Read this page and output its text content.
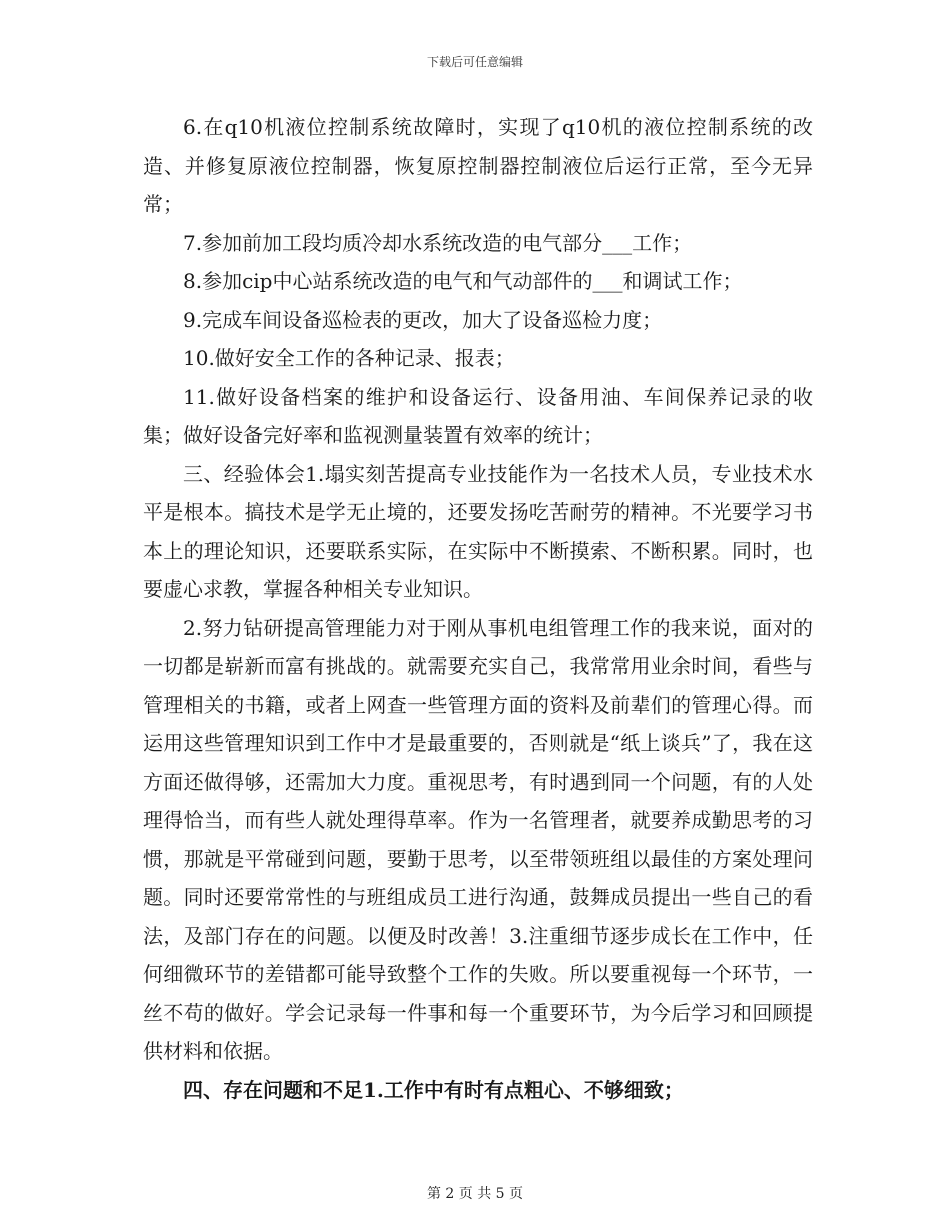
下载后可任意编辑

6.在q10机液位控制系统故障时，实现了q10机的液位控制系统的改造、并修复原液位控制器，恢复原控制器控制液位后运行正常，至今无异常；

7.参加前加工段均质冷却水系统改造的电气部分___工作；

8.参加cip中心站系统改造的电气和气动部件的___和调试工作；

9.完成车间设备巡检表的更改，加大了设备巡检力度；

10.做好安全工作的各种记录、报表；

11.做好设备档案的维护和设备运行、设备用油、车间保养记录的收集；做好设备完好率和监视测量装置有效率的统计；

三、经验体会1.塌实刻苦提高专业技能作为一名技术人员，专业技术水平是根本。搞技术是学无止境的，还要发扬吃苦耐劳的精神。不光要学习书本上的理论知识，还要联系实际，在实际中不断摸索、不断积累。同时，也要虚心求教，掌握各种相关专业知识。

2.努力钻研提高管理能力对于刚从事机电组管理工作的我来说，面对的一切都是崭新而富有挑战的。就需要充实自己，我常常用业余时间，看些与管理相关的书籍，或者上网查一些管理方面的资料及前辈们的管理心得。而运用这些管理知识到工作中才是最重要的，否则就是“纸上谈兵”了，我在这方面还做得够，还需加大力度。重视思考，有时遇到同一个问题，有的人处理得恰当，而有些人就处理得草率。作为一名管理者，就要养成勤思考的习惯，那就是平常碰到问题，要勤于思考，以至带领班组以最佳的方案处理问题。同时还要常常性的与班组成员工进行沟通，鼓舞成员提出一些自己的看法，及部门存在的问题。以便及时改善！3.注重细节逐步成长在工作中，任何细微环节的差错都可能导致整个工作的失败。所以要重视每一个环节，一丝不苟的做好。学会记录每一件事和每一个重要环节，为今后学习和回顾提供材料和依据。

四、存在问题和不足1.工作中有时有点粗心、不够细致；

第 2 页 共 5 页
